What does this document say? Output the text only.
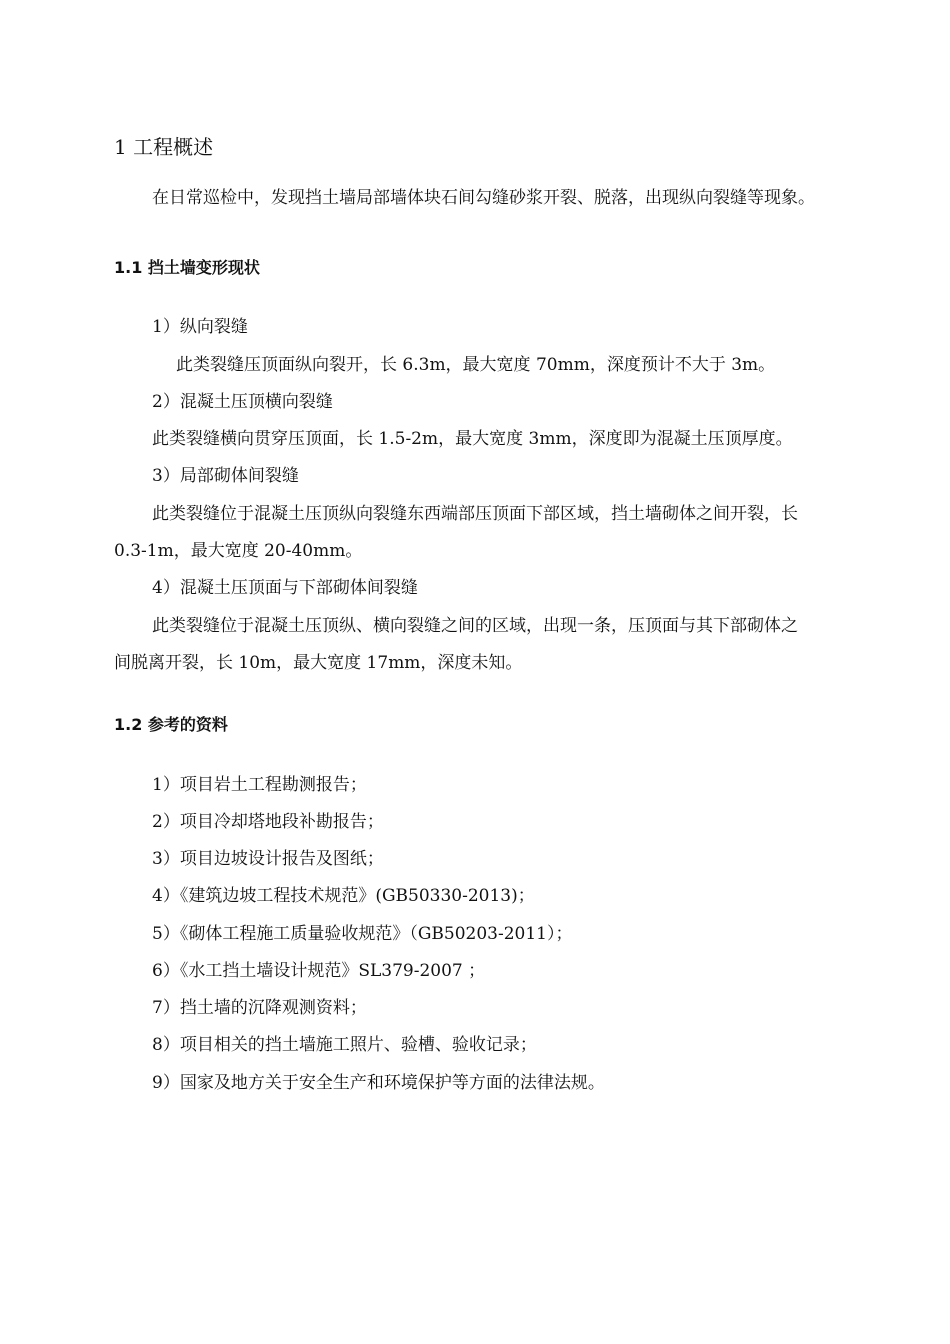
1 工程概述
在日常巡检中，发现挡土墙局部墙体块石间勾缝砂浆开裂、脱落，出现纵向裂缝等现象。
1.1 挡土墙变形现状
1）纵向裂缝
此类裂缝压顶面纵向裂开，长 6.3m，最大宽度 70mm，深度预计不大于 3m。
2）混凝土压顶横向裂缝
此类裂缝横向贯穿压顶面，长 1.5-2m，最大宽度 3mm，深度即为混凝土压顶厚度。
3）局部砌体间裂缝
此类裂缝位于混凝土压顶纵向裂缝东西端部压顶面下部区域，挡土墙砌体之间开裂，长
0.3-1m，最大宽度 20-40mm。
4）混凝土压顶面与下部砌体间裂缝
此类裂缝位于混凝土压顶纵、横向裂缝之间的区域，出现一条，压顶面与其下部砌体之
间脱离开裂，长 10m，最大宽度 17mm，深度未知。
1.2 参考的资料
1）项目岩土工程勘测报告；
2）项目冷却塔地段补勘报告；
3）项目边坡设计报告及图纸；
4）《建筑边坡工程技术规范》(GB50330-2013)；
5）《砌体工程施工质量验收规范》（GB50203-2011）；
6）《水工挡土墙设计规范》SL379-2007 ；
7）挡土墙的沉降观测资料；
8）项目相关的挡土墙施工照片、验槽、验收记录；
9）国家及地方关于安全生产和环境保护等方面的法律法规。
